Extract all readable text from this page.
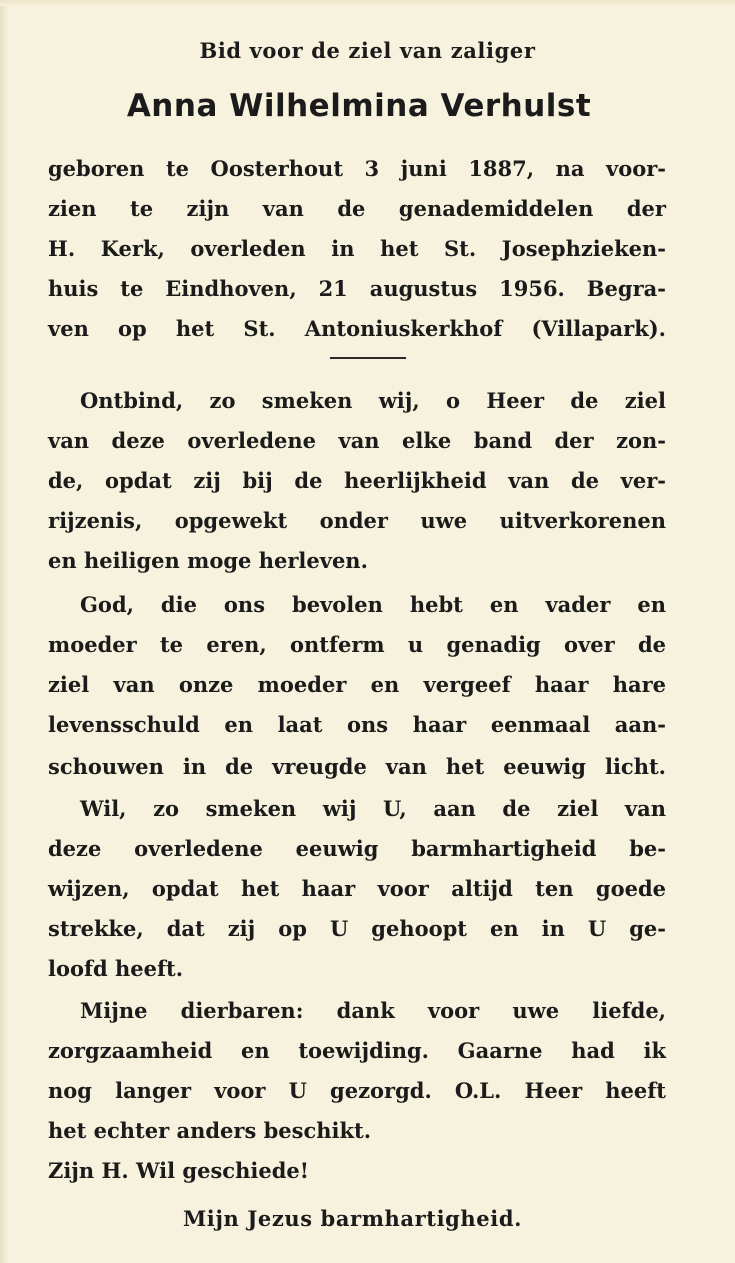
Bid voor de ziel van zaliger
Anna Wilhelmina Verhulst
geboren te Oosterhout 3 juni 1887, na voor-
zien te zijn van de genademiddelen der
H. Kerk, overleden in het St. Josephzieken-
huis te Eindhoven, 21 augustus 1956. Begra-
ven op het St. Antoniuskerkhof (Villapark).
Ontbind, zo smeken wij, o Heer de ziel
van deze overledene van elke band der zon-
de, opdat zij bij de heerlijkheid van de ver-
rijzenis, opgewekt onder uwe uitverkorenen
en heiligen moge herleven.
God, die ons bevolen hebt en vader en
moeder te eren, ontferm u genadig over de
ziel van onze moeder en vergeef haar hare
levensschuld en laat ons haar eenmaal aan-
schouwen in de vreugde van het eeuwig licht.
Wil, zo smeken wij U, aan de ziel van
deze overledene eeuwig barmhartigheid be-
wijzen, opdat het haar voor altijd ten goede
strekke, dat zij op U gehoopt en in U ge-
loofd heeft.
Mijne dierbaren: dank voor uwe liefde,
zorgzaamheid en toewijding. Gaarne had ik
nog langer voor U gezorgd. O.L. Heer heeft
het echter anders beschikt.
Zijn H. Wil geschiede!
Mijn Jezus barmhartigheid.
